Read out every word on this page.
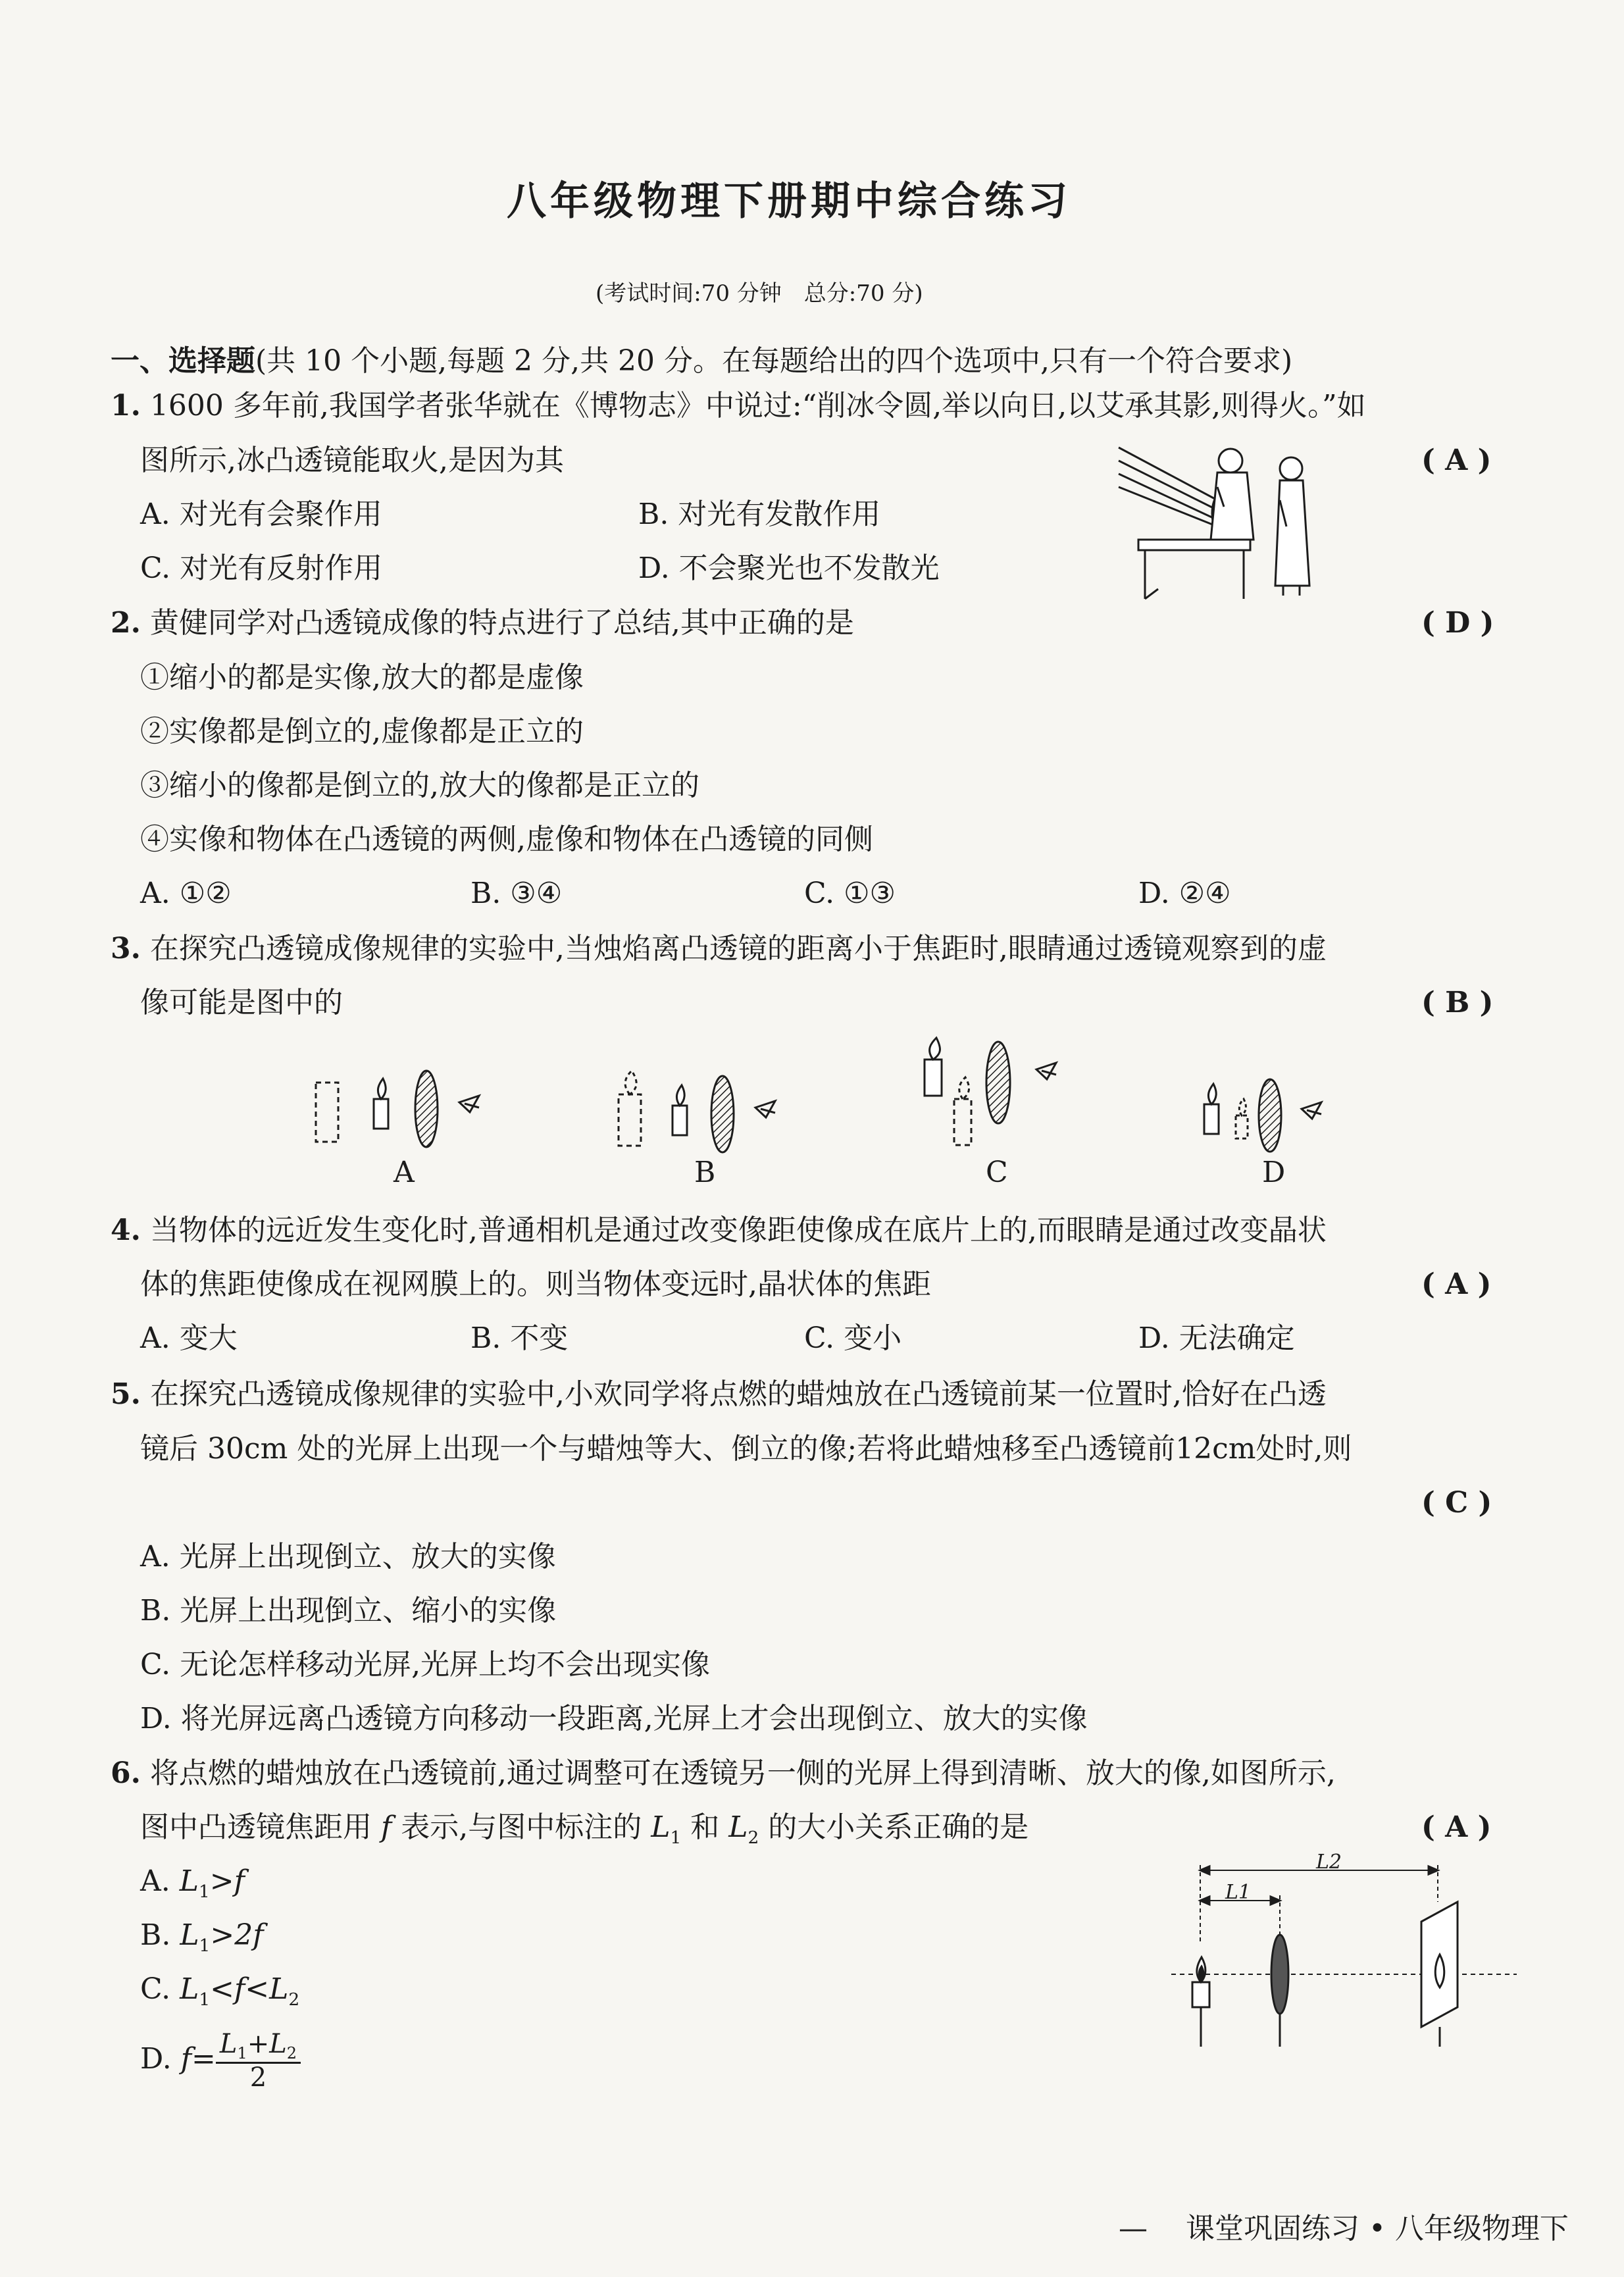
八年级物理下册期中综合练习
(考试时间:70 分钟　总分:70 分)
一、选择题(共 10 个小题,每题 2 分,共 20 分。在每题给出的四个选项中,只有一个符合要求)
1. 1600 多年前,我国学者张华就在《博物志》中说过:“削冰令圆,举以向日,以艾承其影,则得火。”如
图所示,冰凸透镜能取火,是因为其	( A )
A. 对光有会聚作用	B. 对光有发散作用
C. 对光有反射作用	D. 不会聚光也不发散光
2. 黄健同学对凸透镜成像的特点进行了总结,其中正确的是	( D )
①缩小的都是实像,放大的都是虚像
②实像都是倒立的,虚像都是正立的
③缩小的像都是倒立的,放大的像都是正立的
④实像和物体在凸透镜的两侧,虚像和物体在凸透镜的同侧
A. ①②	B. ③④	C. ①③	D. ②④
3. 在探究凸透镜成像规律的实验中,当烛焰离凸透镜的距离小于焦距时,眼睛通过透镜观察到的虚
像可能是图中的	( B )
A	B	C	D
4. 当物体的远近发生变化时,普通相机是通过改变像距使像成在底片上的,而眼睛是通过改变晶状
体的焦距使像成在视网膜上的。则当物体变远时,晶状体的焦距	( A )
A. 变大	B. 不变	C. 变小	D. 无法确定
5. 在探究凸透镜成像规律的实验中,小欢同学将点燃的蜡烛放在凸透镜前某一位置时,恰好在凸透
镜后 30cm 处的光屏上出现一个与蜡烛等大、倒立的像;若将此蜡烛移至凸透镜前12cm处时,则
( C )
A. 光屏上出现倒立、放大的实像
B. 光屏上出现倒立、缩小的实像
C. 无论怎样移动光屏,光屏上均不会出现实像
D. 将光屏远离凸透镜方向移动一段距离,光屏上才会出现倒立、放大的实像
6. 将点燃的蜡烛放在凸透镜前,通过调整可在透镜另一侧的光屏上得到清晰、放大的像,如图所示,
图中凸透镜焦距用 f 表示,与图中标注的 $L_1$ 和 $L_2$ 的大小关系正确的是	( A )
A. $L_1>f$
B. $L_1>2f$
C. $L_1<f<L_2$
D. $f= \frac{L_1+L_2}{2}$
L2
L1
— 课堂巩固练习 • 八年级物理下
